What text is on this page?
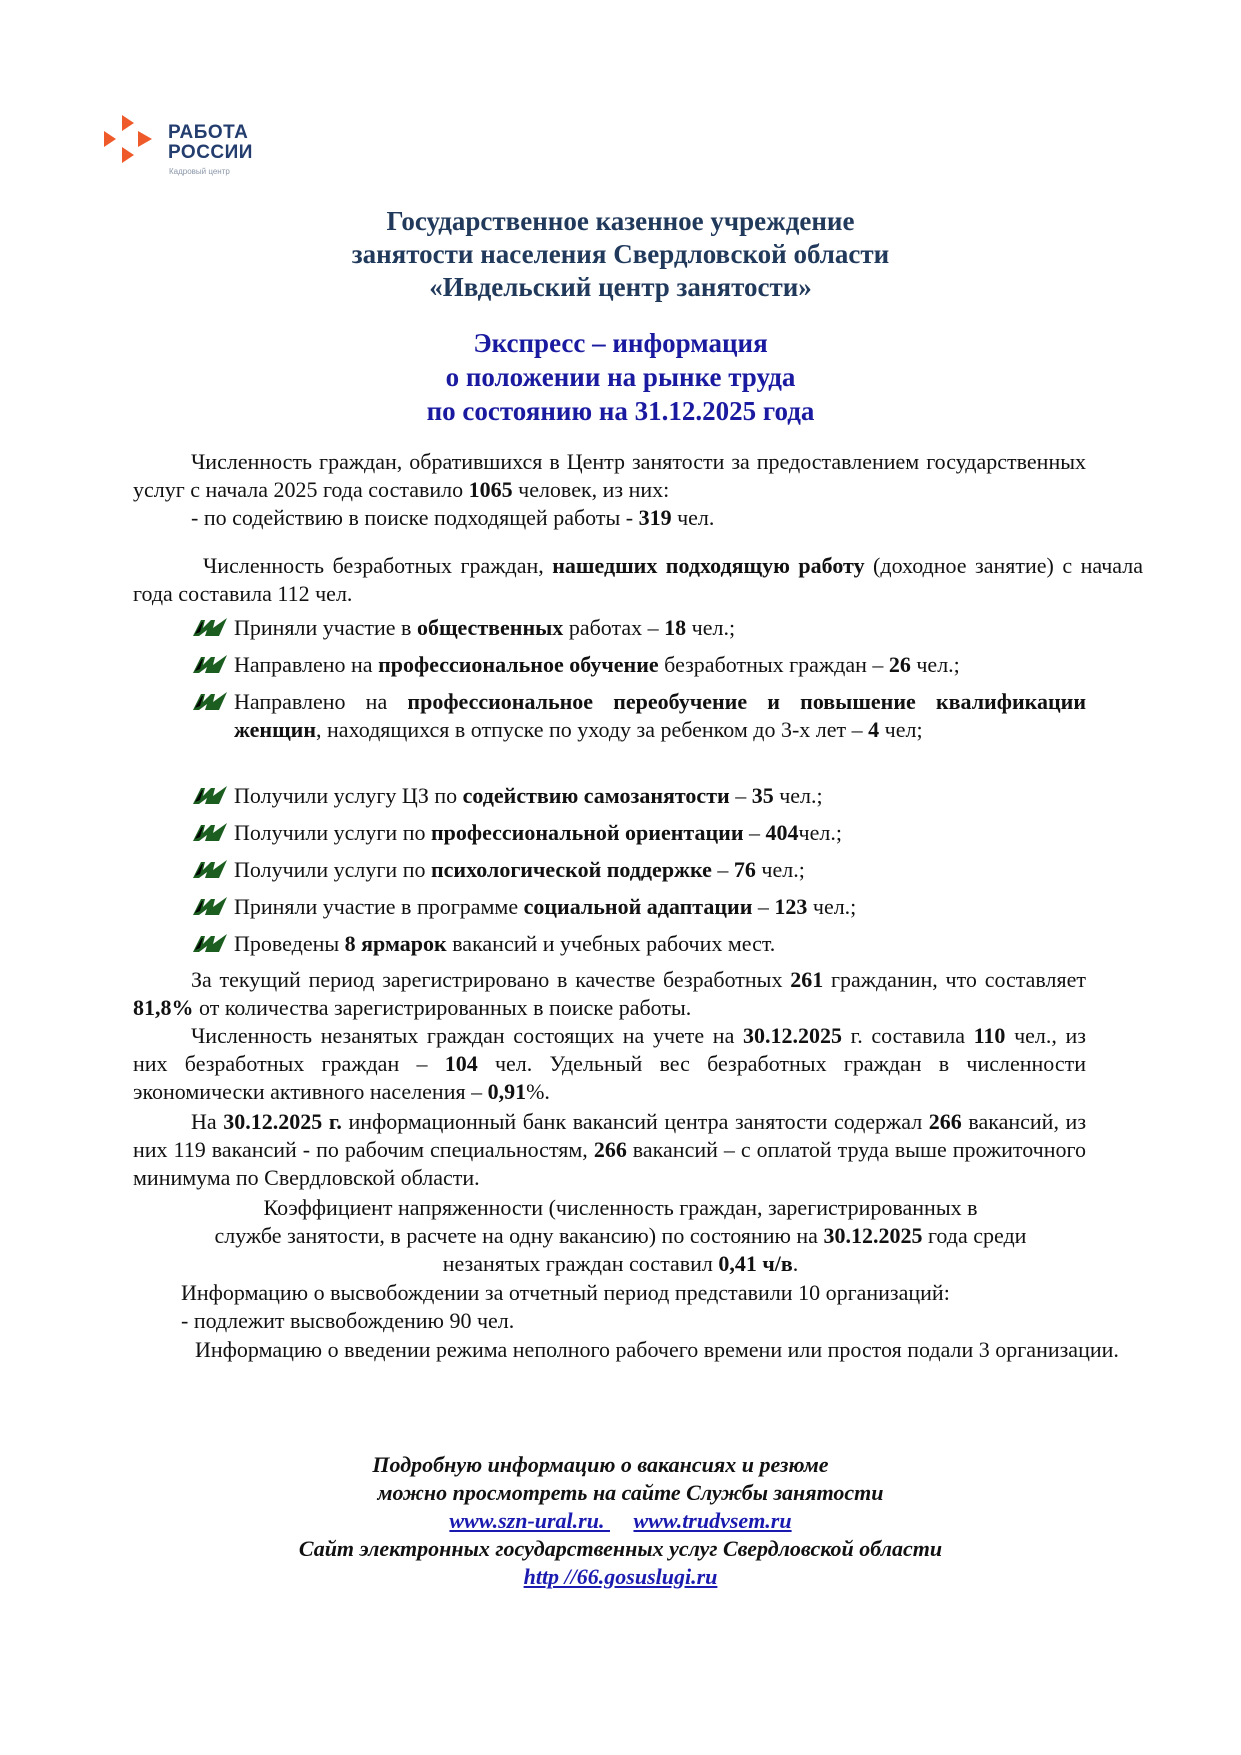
РАБОТА
РОССИИ
Кадровый центр
Государственное казенное учреждение
занятости населения Свердловской области
«Ивдельский центр занятости»
Экспресс – информация
о положении на рынке труда
по состоянию на 31.12.2025 года
Численность граждан, обратившихся в Центр занятости за предоставлением государственных услуг с начала 2025 года составило 1065 человек, из них:
- по содействию в поиске подходящей работы - 319 чел.
Численность безработных граждан, нашедших подходящую работу (доходное занятие) с начала года составила 112 чел.
Приняли участие в общественных работах – 18 чел.;
Направлено на профессиональное обучение безработных граждан – 26 чел.;
Направлено на профессиональное переобучение и повышение квалификации женщин, находящихся в отпуске по уходу за ребенком до 3-х лет – 4 чел;
Получили услугу ЦЗ по содействию самозанятости – 35 чел.;
Получили услуги по профессиональной ориентации – 404чел.;
Получили услуги по психологической поддержке – 76 чел.;
Приняли участие в программе социальной адаптации – 123 чел.;
Проведены 8 ярмарок вакансий и учебных рабочих мест.
За текущий период зарегистрировано в качестве безработных 261 гражданин, что составляет 81,8% от количества зарегистрированных в поиске работы.
Численность незанятых граждан состоящих на учете на 30.12.2025 г. составила 110 чел., из них безработных граждан – 104 чел. Удельный вес безработных граждан в численности экономически активного населения – 0,91%.
На 30.12.2025 г. информационный банк вакансий центра занятости содержал 266 вакансий, из них 119 вакансий - по рабочим специальностям, 266 вакансий – с оплатой труда выше прожиточного минимума по Свердловской области.
Коэффициент напряженности (численность граждан, зарегистрированных в
службе занятости, в расчете на одну вакансию) по состоянию на 30.12.2025 года среди
незанятых граждан составил 0,41 ч/в.
Информацию о высвобождении за отчетный период представили 10 организаций:
- подлежит высвобождению 90 чел.
Информацию о введении режима неполного рабочего времени или простоя подали 3 организации.
Подробную информацию о вакансиях и резюме
можно просмотреть на сайте Службы занятости
www.szn-ural.ru.  www.trudvsem.ru
Сайт электронных государственных услуг Свердловской области
http //66.gosuslugi.ru
